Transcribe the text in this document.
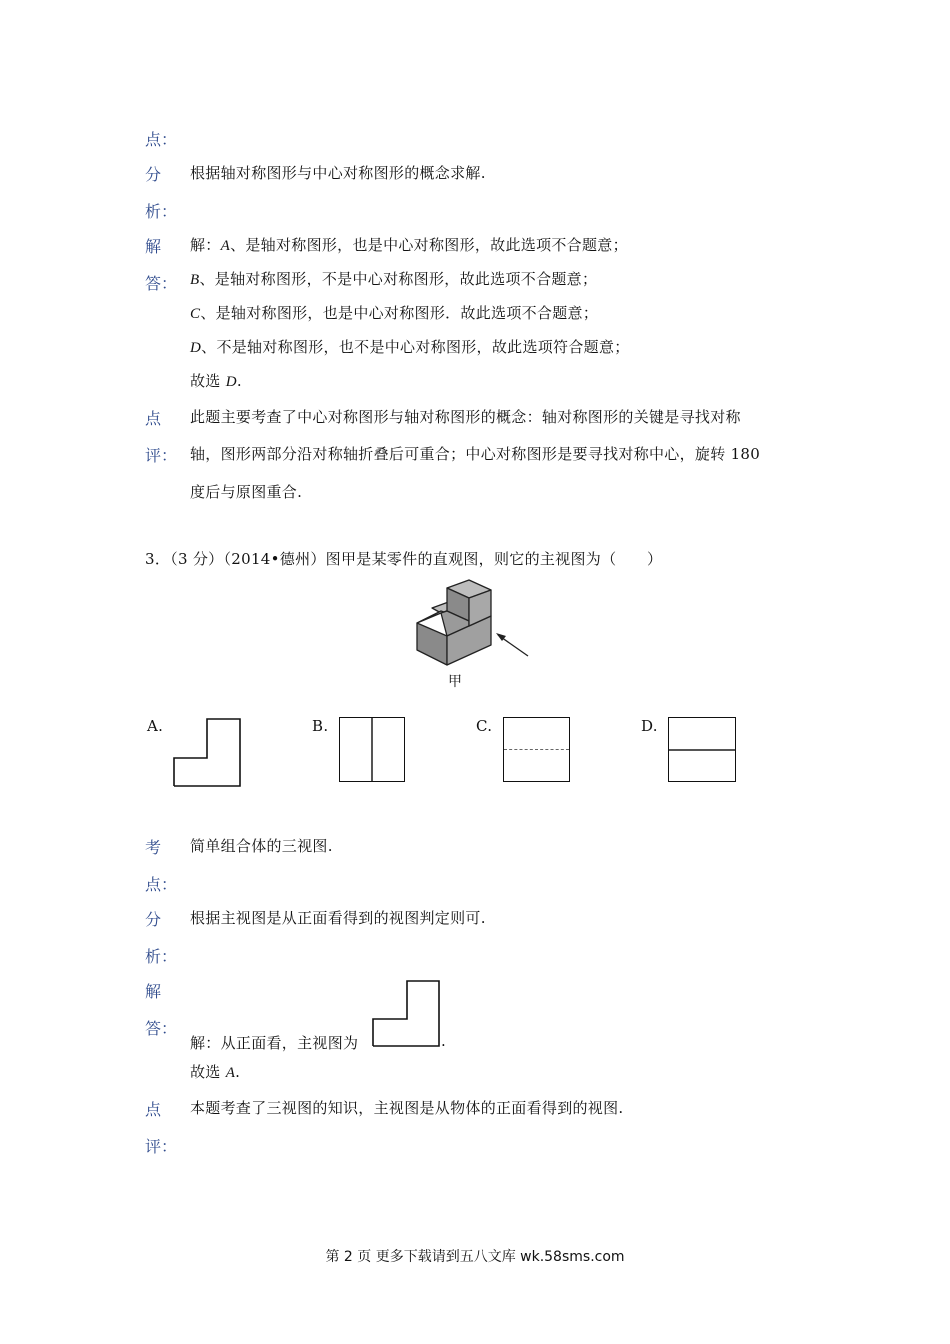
点：
分 根据轴对称图形与中心对称图形的概念求解.
析：
解
答：
解：A、是轴对称图形，也是中心对称图形，故此选项不合题意；
B、是轴对称图形，不是中心对称图形，故此选项不合题意；
C、是轴对称图形，也是中心对称图形．故此选项不合题意；
D、不是轴对称图形，也不是中心对称图形，故此选项符合题意；
故选 D.
点
评：
此题主要考查了中心对称图形与轴对称图形的概念：轴对称图形的关键是寻找对称
轴，图形两部分沿对称轴折叠后可重合；中心对称图形是要寻找对称中心，旋转 180
度后与原图重合.
3．（3 分）（2014•德州）图甲是某零件的直观图，则它的主视图为（　　）
甲
A.	B.	C.	D.
考 简单组合体的三视图.
点：
分 根据主视图是从正面看得到的视图判定则可.
析：
解
答：
解：从正面看，主视图为	.
故选 A.
点 本题考查了三视图的知识，主视图是从物体的正面看得到的视图.
评：
第 2 页 更多下载请到五八文库 wk.58sms.com
